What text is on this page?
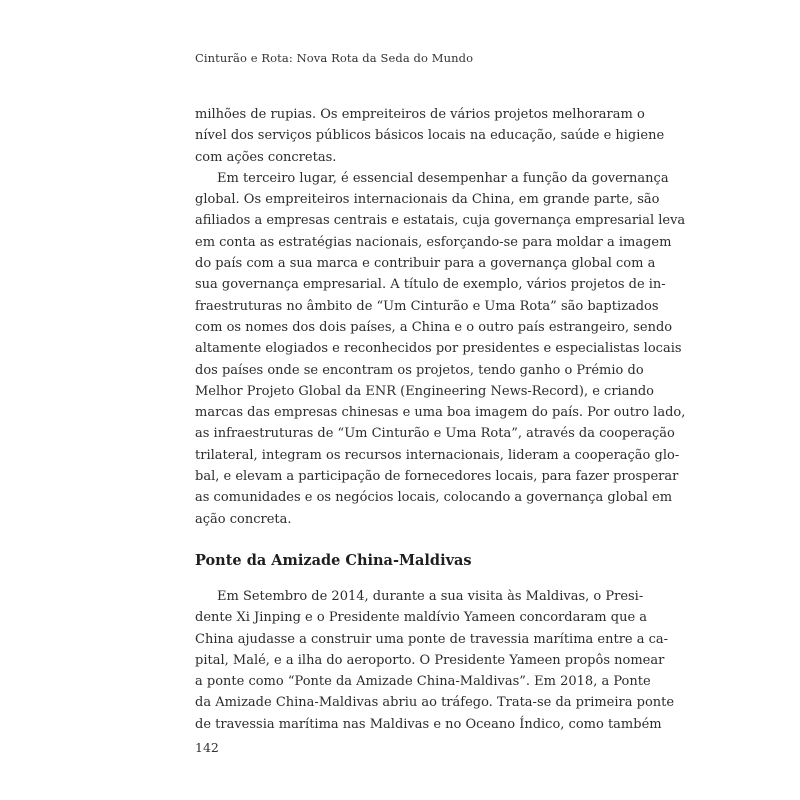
Cinturão e Rota: Nova Rota da Seda do Mundo
milhões de rupias. Os empreiteiros de vários projetos melhoraram o
nível dos serviços públicos básicos locais na educação, saúde e higiene
com ações concretas.
Em terceiro lugar, é essencial desempenhar a função da governança
global. Os empreiteiros internacionais da China, em grande parte, são
afiliados a empresas centrais e estatais, cuja governança empresarial leva
em conta as estratégias nacionais, esforçando-se para moldar a imagem
do país com a sua marca e contribuir para a governança global com a
sua governança empresarial. A título de exemplo, vários projetos de in-
fraestruturas no âmbito de “Um Cinturão e Uma Rota” são baptizados
com os nomes dos dois países, a China e o outro país estrangeiro, sendo
altamente elogiados e reconhecidos por presidentes e especialistas locais
dos países onde se encontram os projetos, tendo ganho o Prémio do
Melhor Projeto Global da ENR (Engineering News-Record), e criando
marcas das empresas chinesas e uma boa imagem do país. Por outro lado,
as infraestruturas de “Um Cinturão e Uma Rota”, através da cooperação
trilateral, integram os recursos internacionais, lideram a cooperação glo-
bal, e elevam a participação de fornecedores locais, para fazer prosperar
as comunidades e os negócios locais, colocando a governança global em
ação concreta.
Ponte da Amizade China-Maldivas
Em Setembro de 2014, durante a sua visita às Maldivas, o Presi-
dente Xi Jinping e o Presidente maldívio Yameen concordaram que a
China ajudasse a construir uma ponte de travessia marítima entre a ca-
pital, Malé, e a ilha do aeroporto. O Presidente Yameen propôs nomear
a ponte como “Ponte da Amizade China-Maldivas”. Em 2018, a Ponte
da Amizade China-Maldivas abriu ao tráfego. Trata-se da primeira ponte
de travessia marítima nas Maldivas e no Oceano Índico, como também
142
